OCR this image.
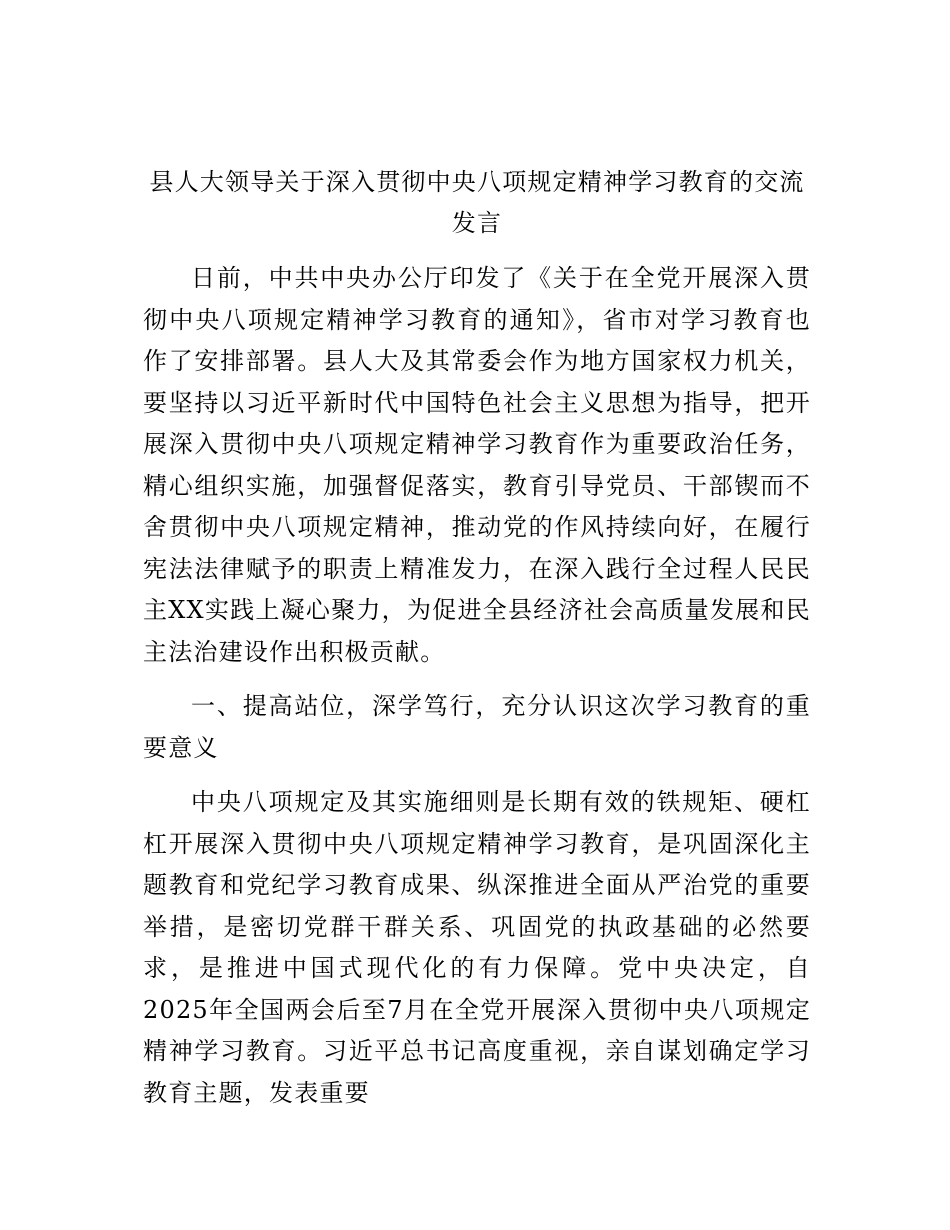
县人大领导关于深入贯彻中央八项规定精神学习教育的交流发言

日前，中共中央办公厅印发了《关于在全党开展深入贯彻中央八项规定精神学习教育的通知》，省市对学习教育也作了安排部署。县人大及其常委会作为地方国家权力机关，要坚持以习近平新时代中国特色社会主义思想为指导，把开展深入贯彻中央八项规定精神学习教育作为重要政治任务，精心组织实施，加强督促落实，教育引导党员、干部锲而不舍贯彻中央八项规定精神，推动党的作风持续向好，在履行宪法法律赋予的职责上精准发力，在深入践行全过程人民民主XX实践上凝心聚力，为促进全县经济社会高质量发展和民主法治建设作出积极贡献。

一、提高站位，深学笃行，充分认识这次学习教育的重要意义

中央八项规定及其实施细则是长期有效的铁规矩、硬杠杠开展深入贯彻中央八项规定精神学习教育，是巩固深化主题教育和党纪学习教育成果、纵深推进全面从严治党的重要举措，是密切党群干群关系、巩固党的执政基础的必然要求，是推进中国式现代化的有力保障。党中央决定，自2025年全国两会后至7月在全党开展深入贯彻中央八项规定精神学习教育。习近平总书记高度重视，亲自谋划确定学习教育主题，发表重要
